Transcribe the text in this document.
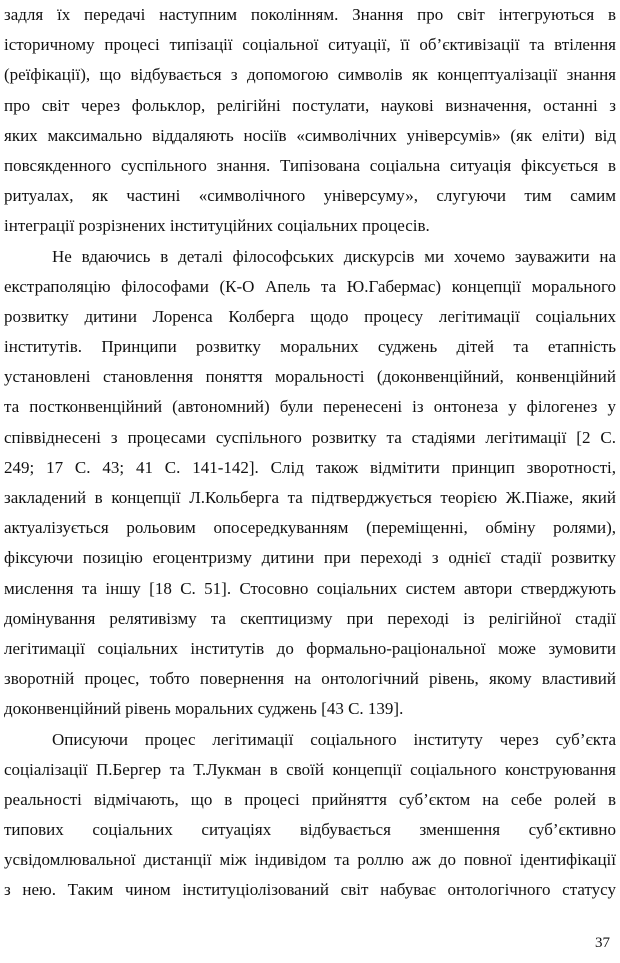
задля їх передачі наступним поколінням. Знання про світ інтегруються в
історичному процесі типізації соціальної ситуації, її об’єктивізації та втілення
(реїфікації), що відбувається з допомогою символів як концептуалізації знання
про світ через фольклор, релігійні постулати, наукові визначення, останні з
яких максимально віддаляють носіїв «символічних універсумів» (як еліти) від
повсякденного суспільного знання. Типізована соціальна ситуація фіксується в
ритуалах, як частині «символічного універсуму», слугуючи тим самим
інтеграції розрізнених інституційних соціальних процесів.
Не вдаючись в деталі філософських дискурсів ми хочемо зауважити на
екстраполяцію філософами (К-О Апель та Ю.Габермас) концепції морального
розвитку дитини Лоренса Колберга щодо процесу легітимації соціальних
інститутів. Принципи розвитку моральних суджень дітей та етапність
установлені становлення поняття моральності (доконвенційний, конвенційний
та постконвенційний (автономний) були перенесені із онтонеза у філогенез у
співвіднесені з процесами суспільного розвитку та стадіями легітимації [2 С.
249; 17 С. 43; 41 С. 141-142]. Слід також відмітити принцип зворотності,
закладений в концепції Л.Кольберга та підтверджується теорією Ж.Піаже, який
актуалізується рольовим опосередкуванням (переміщенні, обміну ролями),
фіксуючи позицію егоцентризму дитини при переході з однієї стадії розвитку
мислення та іншу [18 С. 51]. Стосовно соціальних систем автори стверджують
домінування релятивізму та скептицизму при переході із релігійної стадії
легітимації соціальних інститутів до формально-раціональної може зумовити
зворотній процес, тобто повернення на онтологічний рівень, якому властивий
доконвенційний рівень моральних суджень [43 С. 139].
Описуючи процес легітимації соціального інституту через суб’єкта
соціалізації П.Бергер та Т.Лукман в своїй концепції соціального конструювання
реальності відмічають, що в процесі прийняття суб’єктом на себе ролей в
типових соціальних ситуаціях відбувається зменшення суб’єктивно
усвідомлювальної дистанції між індивідом та роллю аж до повної ідентифікації
з нею. Таким чином інституціолізований світ набуває онтологічного статусу
37
